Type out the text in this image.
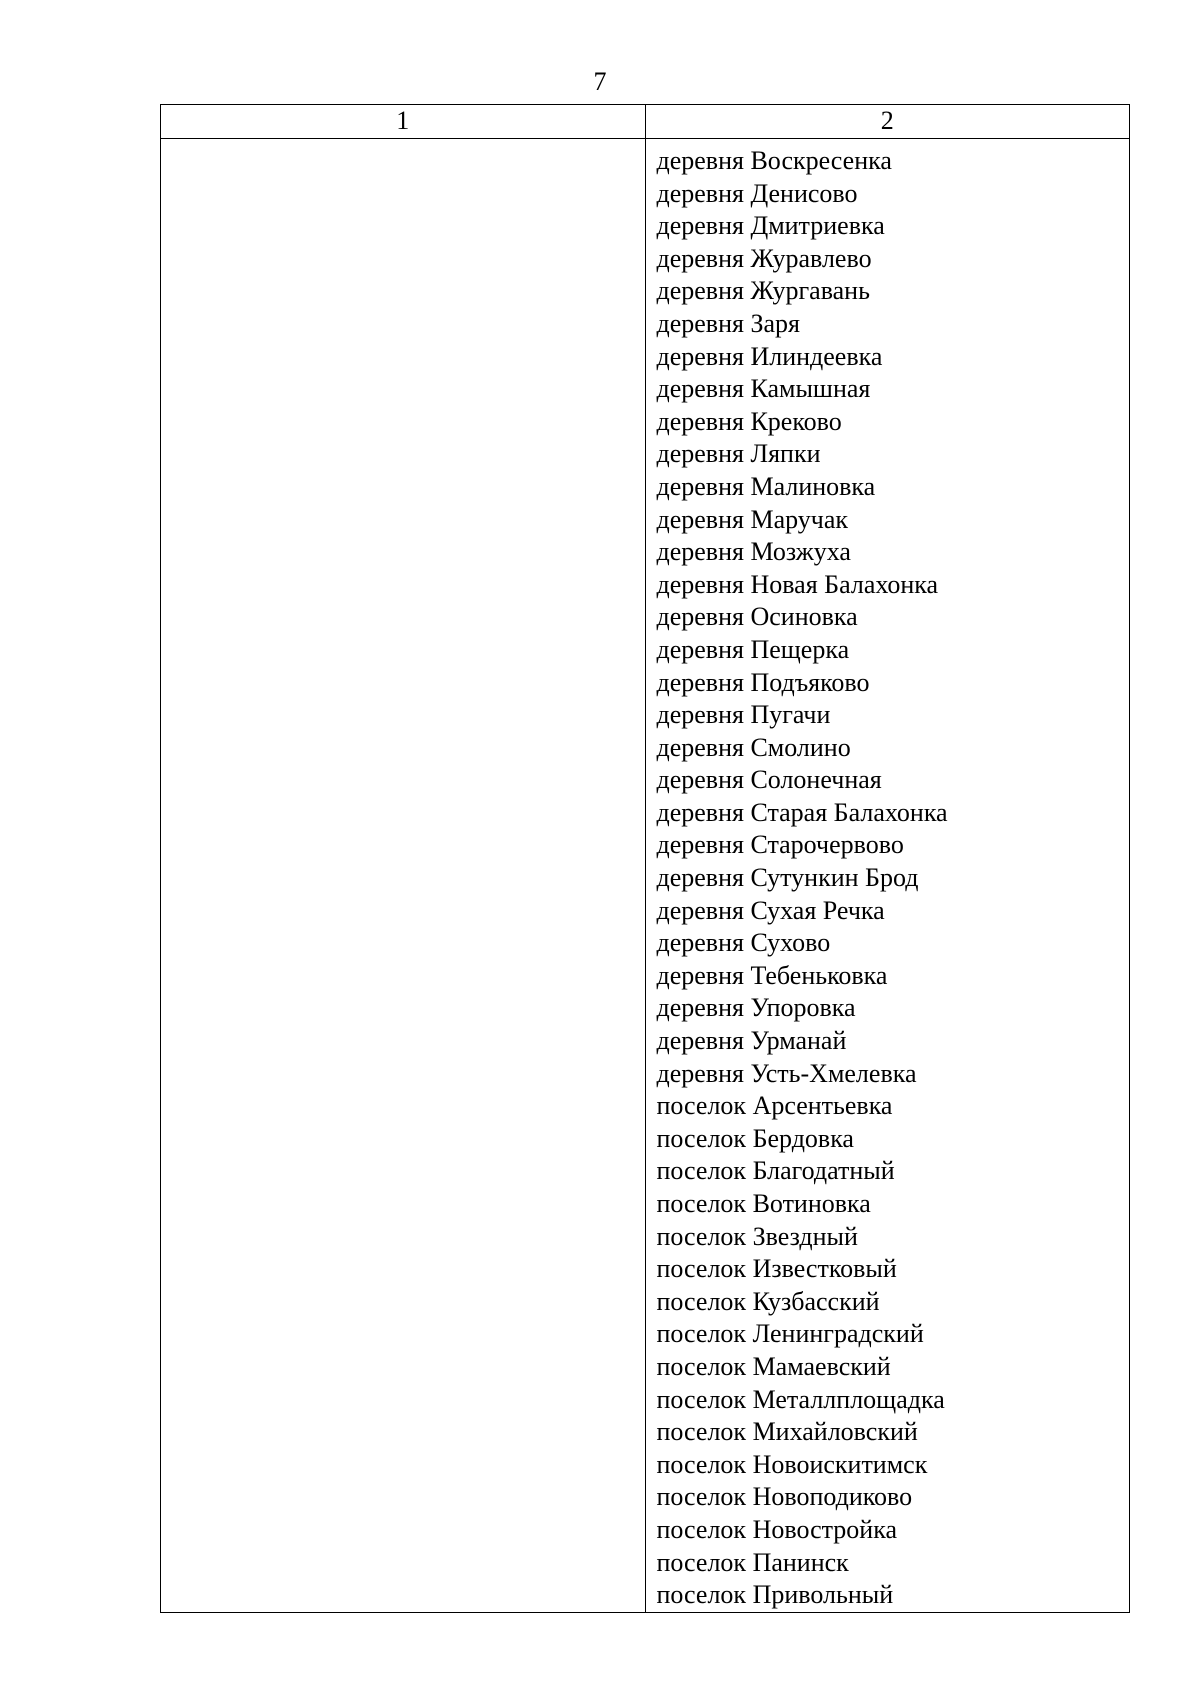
7
1	2
деревня Воскресенка
деревня Денисово
деревня Дмитриевка
деревня Журавлево
деревня Жургавань
деревня Заря
деревня Илиндеевка
деревня Камышная
деревня Креково
деревня Ляпки
деревня Малиновка
деревня Маручак
деревня Мозжуха
деревня Новая Балахонка
деревня Осиновка
деревня Пещерка
деревня Подъяково
деревня Пугачи
деревня Смолино
деревня Солонечная
деревня Старая Балахонка
деревня Старочервово
деревня Сутункин Брод
деревня Сухая Речка
деревня Сухово
деревня Тебеньковка
деревня Упоровка
деревня Урманай
деревня Усть-Хмелевка
поселок Арсентьевка
поселок Бердовка
поселок Благодатный
поселок Вотиновка
поселок Звездный
поселок Известковый
поселок Кузбасский
поселок Ленинградский
поселок Мамаевский
поселок Металлплощадка
поселок Михайловский
поселок Новоискитимск
поселок Новоподиково
поселок Новостройка
поселок Панинск
поселок Привольный
